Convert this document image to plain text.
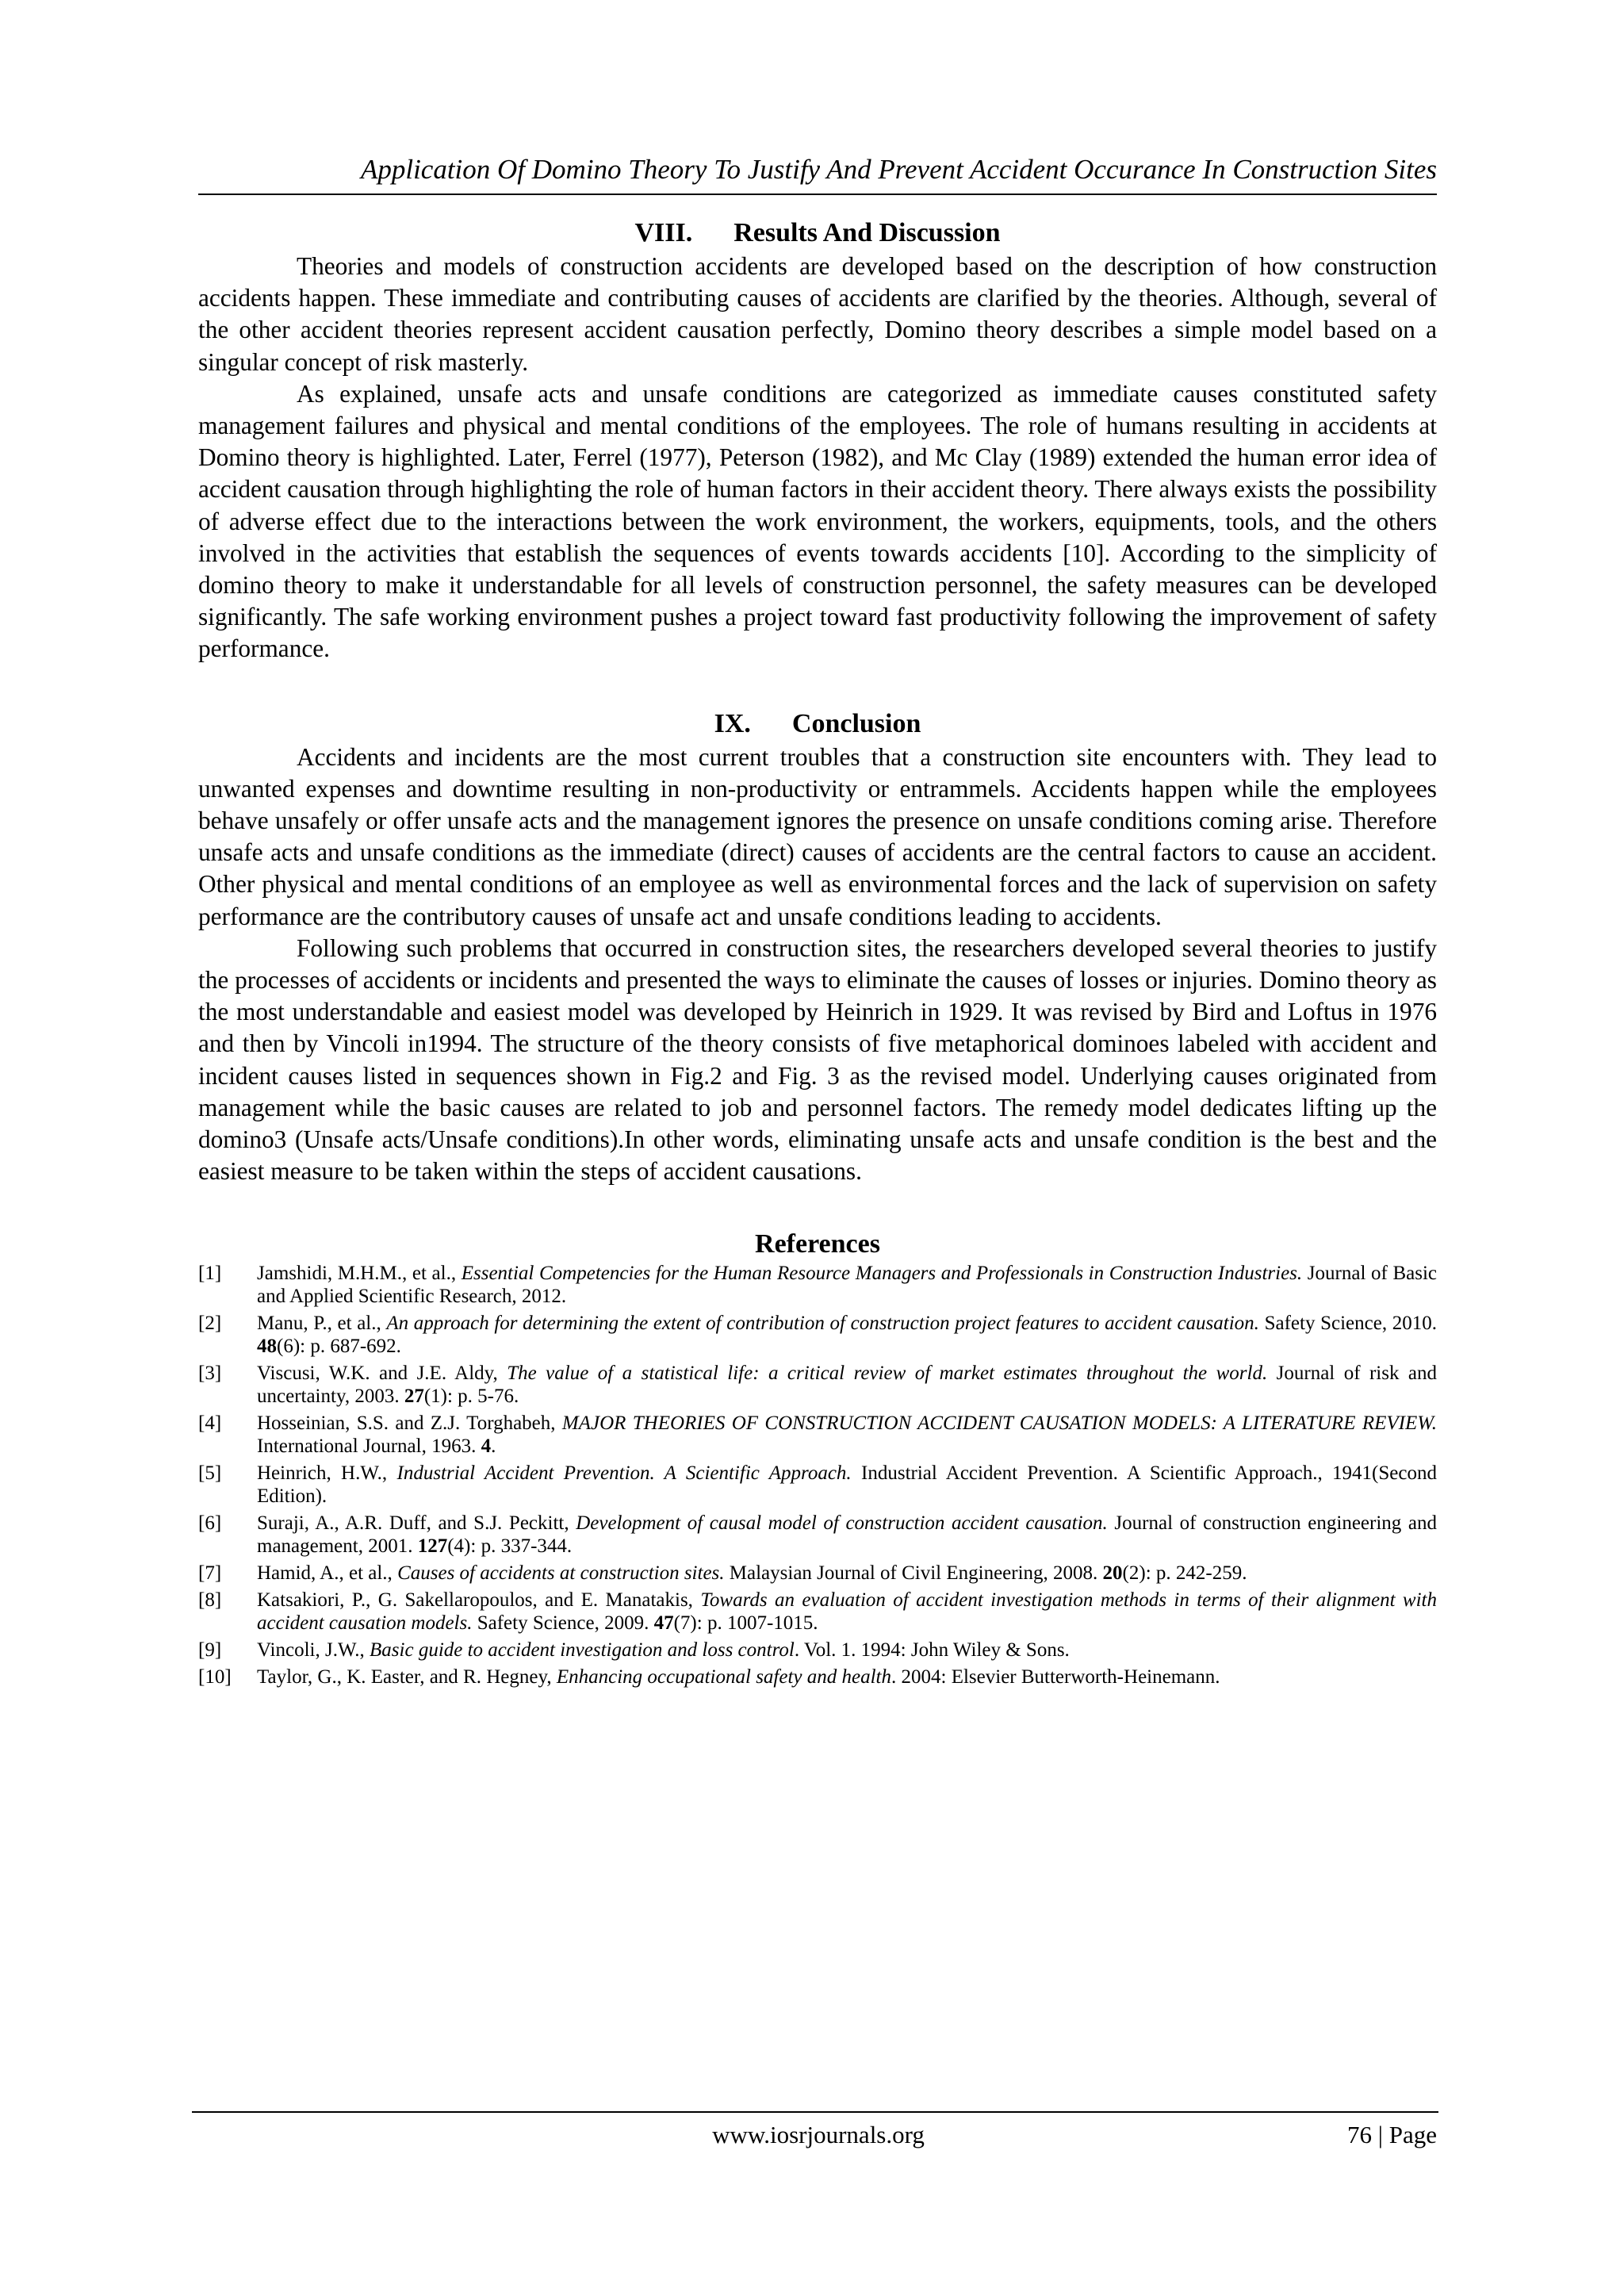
Application Of Domino Theory To Justify And Prevent Accident Occurance In Construction Sites
VIII. Results And Discussion

Theories and models of construction accidents are developed based on the description of how construction accidents happen. These immediate and contributing causes of accidents are clarified by the theories. Although, several of the other accident theories represent accident causation perfectly, Domino theory describes a simple model based on a singular concept of risk masterly.

As explained, unsafe acts and unsafe conditions are categorized as immediate causes constituted safety management failures and physical and mental conditions of the employees. The role of humans resulting in accidents at Domino theory is highlighted. Later, Ferrel (1977), Peterson (1982), and Mc Clay (1989) extended the human error idea of accident causation through highlighting the role of human factors in their accident theory. There always exists the possibility of adverse effect due to the interactions between the work environment, the workers, equipments, tools, and the others involved in the activities that establish the sequences of events towards accidents [10]. According to the simplicity of domino theory to make it understandable for all levels of construction personnel, the safety measures can be developed significantly. The safe working environment pushes a project toward fast productivity following the improvement of safety performance.

IX. Conclusion

Accidents and incidents are the most current troubles that a construction site encounters with. They lead to unwanted expenses and downtime resulting in non-productivity or entrammels. Accidents happen while the employees behave unsafely or offer unsafe acts and the management ignores the presence on unsafe conditions coming arise. Therefore unsafe acts and unsafe conditions as the immediate (direct) causes of accidents are the central factors to cause an accident. Other physical and mental conditions of an employee as well as environmental forces and the lack of supervision on safety performance are the contributory causes of unsafe act and unsafe conditions leading to accidents.

Following such problems that occurred in construction sites, the researchers developed several theories to justify the processes of accidents or incidents and presented the ways to eliminate the causes of losses or injuries. Domino theory as the most understandable and easiest model was developed by Heinrich in 1929. It was revised by Bird and Loftus in 1976 and then by Vincoli in1994. The structure of the theory consists of five metaphorical dominoes labeled with accident and incident causes listed in sequences shown in Fig.2 and Fig. 3 as the revised model. Underlying causes originated from management while the basic causes are related to job and personnel factors. The remedy model dedicates lifting up the domino3 (Unsafe acts/Unsafe conditions).In other words, eliminating unsafe acts and unsafe condition is the best and the easiest measure to be taken within the steps of accident causations.

References
[1]	Jamshidi, M.H.M., et al., Essential Competencies for the Human Resource Managers and Professionals in Construction Industries. Journal of Basic and Applied Scientific Research, 2012.
[2]	Manu, P., et al., An approach for determining the extent of contribution of construction project features to accident causation. Safety Science, 2010. 48(6): p. 687-692.
[3]	Viscusi, W.K. and J.E. Aldy, The value of a statistical life: a critical review of market estimates throughout the world. Journal of risk and uncertainty, 2003. 27(1): p. 5-76.
[4]	Hosseinian, S.S. and Z.J. Torghabeh, MAJOR THEORIES OF CONSTRUCTION ACCIDENT CAUSATION MODELS: A LITERATURE REVIEW. International Journal, 1963. 4.
[5]	Heinrich, H.W., Industrial Accident Prevention. A Scientific Approach. Industrial Accident Prevention. A Scientific Approach., 1941(Second Edition).
[6]	Suraji, A., A.R. Duff, and S.J. Peckitt, Development of causal model of construction accident causation. Journal of construction engineering and management, 2001. 127(4): p. 337-344.
[7]	Hamid, A., et al., Causes of accidents at construction sites. Malaysian Journal of Civil Engineering, 2008. 20(2): p. 242-259.
[8]	Katsakiori, P., G. Sakellaropoulos, and E. Manatakis, Towards an evaluation of accident investigation methods in terms of their alignment with accident causation models. Safety Science, 2009. 47(7): p. 1007-1015.
[9]	Vincoli, J.W., Basic guide to accident investigation and loss control. Vol. 1. 1994: John Wiley & Sons.
[10]	Taylor, G., K. Easter, and R. Hegney, Enhancing occupational safety and health. 2004: Elsevier Butterworth-Heinemann.
www.iosrjournals.org	76 | Page
